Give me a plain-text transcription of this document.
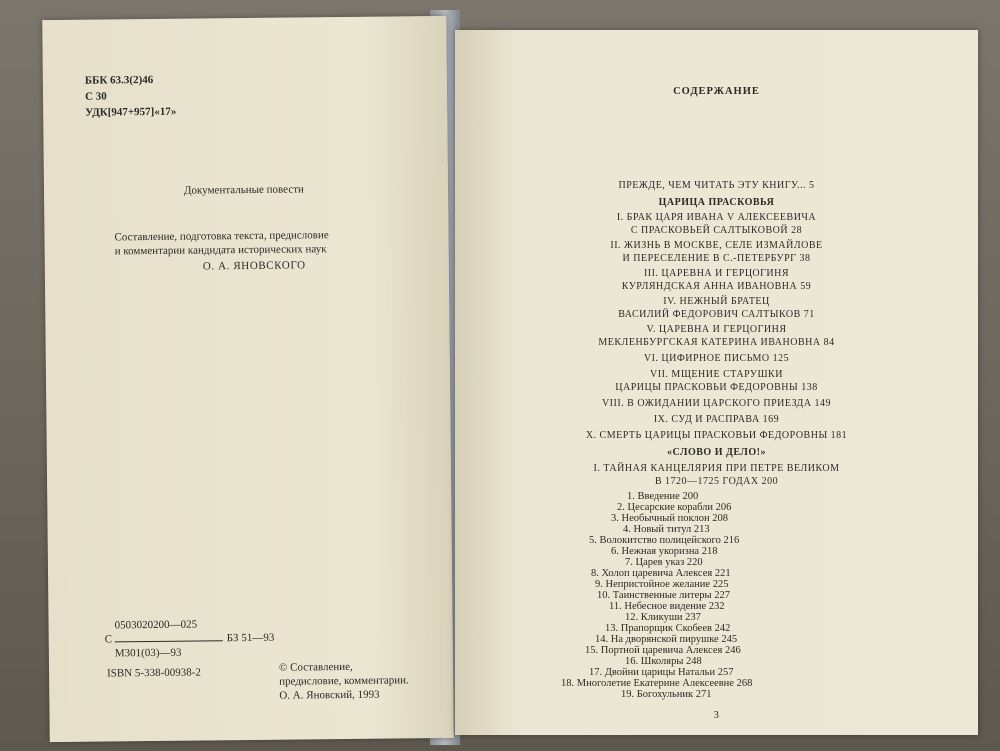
ББК 63.3(2)46
С 30
УДК[947+957]«17»
Документальные повести
Составление, подготовка текста, предисловие
и комментарии кандидата исторических наук
О. А. ЯНОВСКОГО
0503020200—025
С	БЗ 51—93
М301(03)—93
ISBN 5-338-00938-2	© Составление,
предисловие, комментарии.
О. А. Яновский, 1993
СОДЕРЖАНИЕ
ПРЕЖДЕ, ЧЕМ ЧИТАТЬ ЭТУ КНИГУ... 5
ЦАРИЦА ПРАСКОВЬЯ
I. БРАК ЦАРЯ ИВАНА V АЛЕКСЕЕВИЧА
С ПРАСКОВЬЕЙ САЛТЫКОВОЙ 28
II. ЖИЗНЬ В МОСКВЕ, СЕЛЕ ИЗМАЙЛОВЕ
И ПЕРЕСЕЛЕНИЕ В С.-ПЕТЕРБУРГ 38
III. ЦАРЕВНА И ГЕРЦОГИНЯ
КУРЛЯНДСКАЯ АННА ИВАНОВНА 59
IV. НЕЖНЫЙ БРАТЕЦ
ВАСИЛИЙ ФЕДОРОВИЧ САЛТЫКОВ 71
V. ЦАРЕВНА И ГЕРЦОГИНЯ
МЕКЛЕНБУРГСКАЯ КАТЕРИНА ИВАНОВНА 84
VI. ЦИФИРНОЕ ПИСЬМО 125
VII. МЩЕНИЕ СТАРУШКИ
ЦАРИЦЫ ПРАСКОВЬИ ФЕДОРОВНЫ 138
VIII. В ОЖИДАНИИ ЦАРСКОГО ПРИЕЗДА 149
IX. СУД И РАСПРАВА 169
X. СМЕРТЬ ЦАРИЦЫ ПРАСКОВЬИ ФЕДОРОВНЫ 181
«СЛОВО И ДЕЛО!»
I. ТАЙНАЯ КАНЦЕЛЯРИЯ ПРИ ПЕТРЕ ВЕЛИКОМ
В 1720—1725 ГОДАХ 200
1. Введение 200
2. Цесарские корабли 206
3. Необычный поклон 208
4. Новый титул 213
5. Волокитство полицейского 216
6. Нежная укоризна 218
7. Царев указ 220
8. Холоп царевича Алексея 221
9. Непристойное желание 225
10. Таинственные литеры 227
11. Небесное видение 232
12. Кликуши 237
13. Прапорщик Скобеев 242
14. На дворянской пирушке 245
15. Портной царевича Алексея 246
16. Школяры 248
17. Двойни царицы Натальи 257
18. Многолетие Екатерине Алексеевне 268
19. Богохульник 271
3
